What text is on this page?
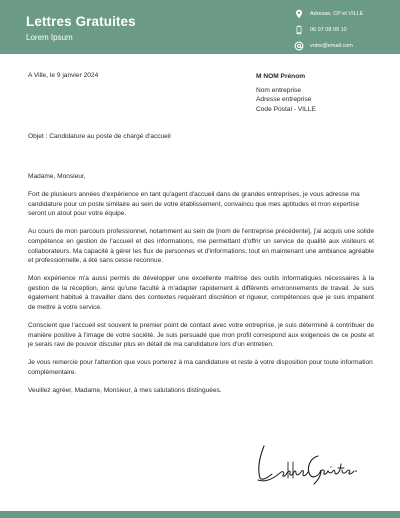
Lettres Gratuites
Lorem Ipsum
Adresse, CP et VILLE
06 07 08 09 10
votre@email.com
A Ville, le 9 janvier 2024	M NOM Prénom
Nom entreprise
Adresse entreprise
Code Postal - VILLE
Objet : Candidature au poste de chargé d'accueil

Madame, Monsieur,

Fort de plusieurs années d'expérience en tant qu'agent d'accueil dans de grandes entreprises, je vous adresse ma candidature pour un poste similaire au sein de votre établissement, convaincu que mes aptitudes et mon expertise seront un atout pour votre équipe.

Au cours de mon parcours professionnel, notamment au sein de [nom de l'entreprise précédente], j'ai acquis une solide compétence en gestion de l'accueil et des informations, me permettant d'offrir un service de qualité aux visiteurs et collaborateurs. Ma capacité à gérer les flux de personnes et d'informations, tout en maintenant une ambiance agréable et professionnelle, a été sans cesse reconnue.

Mon expérience m'a aussi permis de développer une excellente maîtrise des outils informatiques nécessaires à la gestion de la réception, ainsi qu'une faculté à m'adapter rapidement à différents environnements de travail. Je suis également habitué à travailler dans des contextes requérant discrétion et rigueur, compétences que je suis impatient de mettre à votre service.

Conscient que l'accueil est souvent le premier point de contact avec votre entreprise, je suis déterminé à contribuer de manière positive à l'image de votre société. Je suis persuadé que mon profil correspond aux exigences de ce poste et je serais ravi de pouvoir discuter plus en détail de ma candidature lors d'un entretien.

Je vous remercie pour l'attention que vous porterez à ma candidature et reste à votre disposition pour toute information complémentaire.

Veuillez agréer, Madame, Monsieur, à mes salutations distinguées.
